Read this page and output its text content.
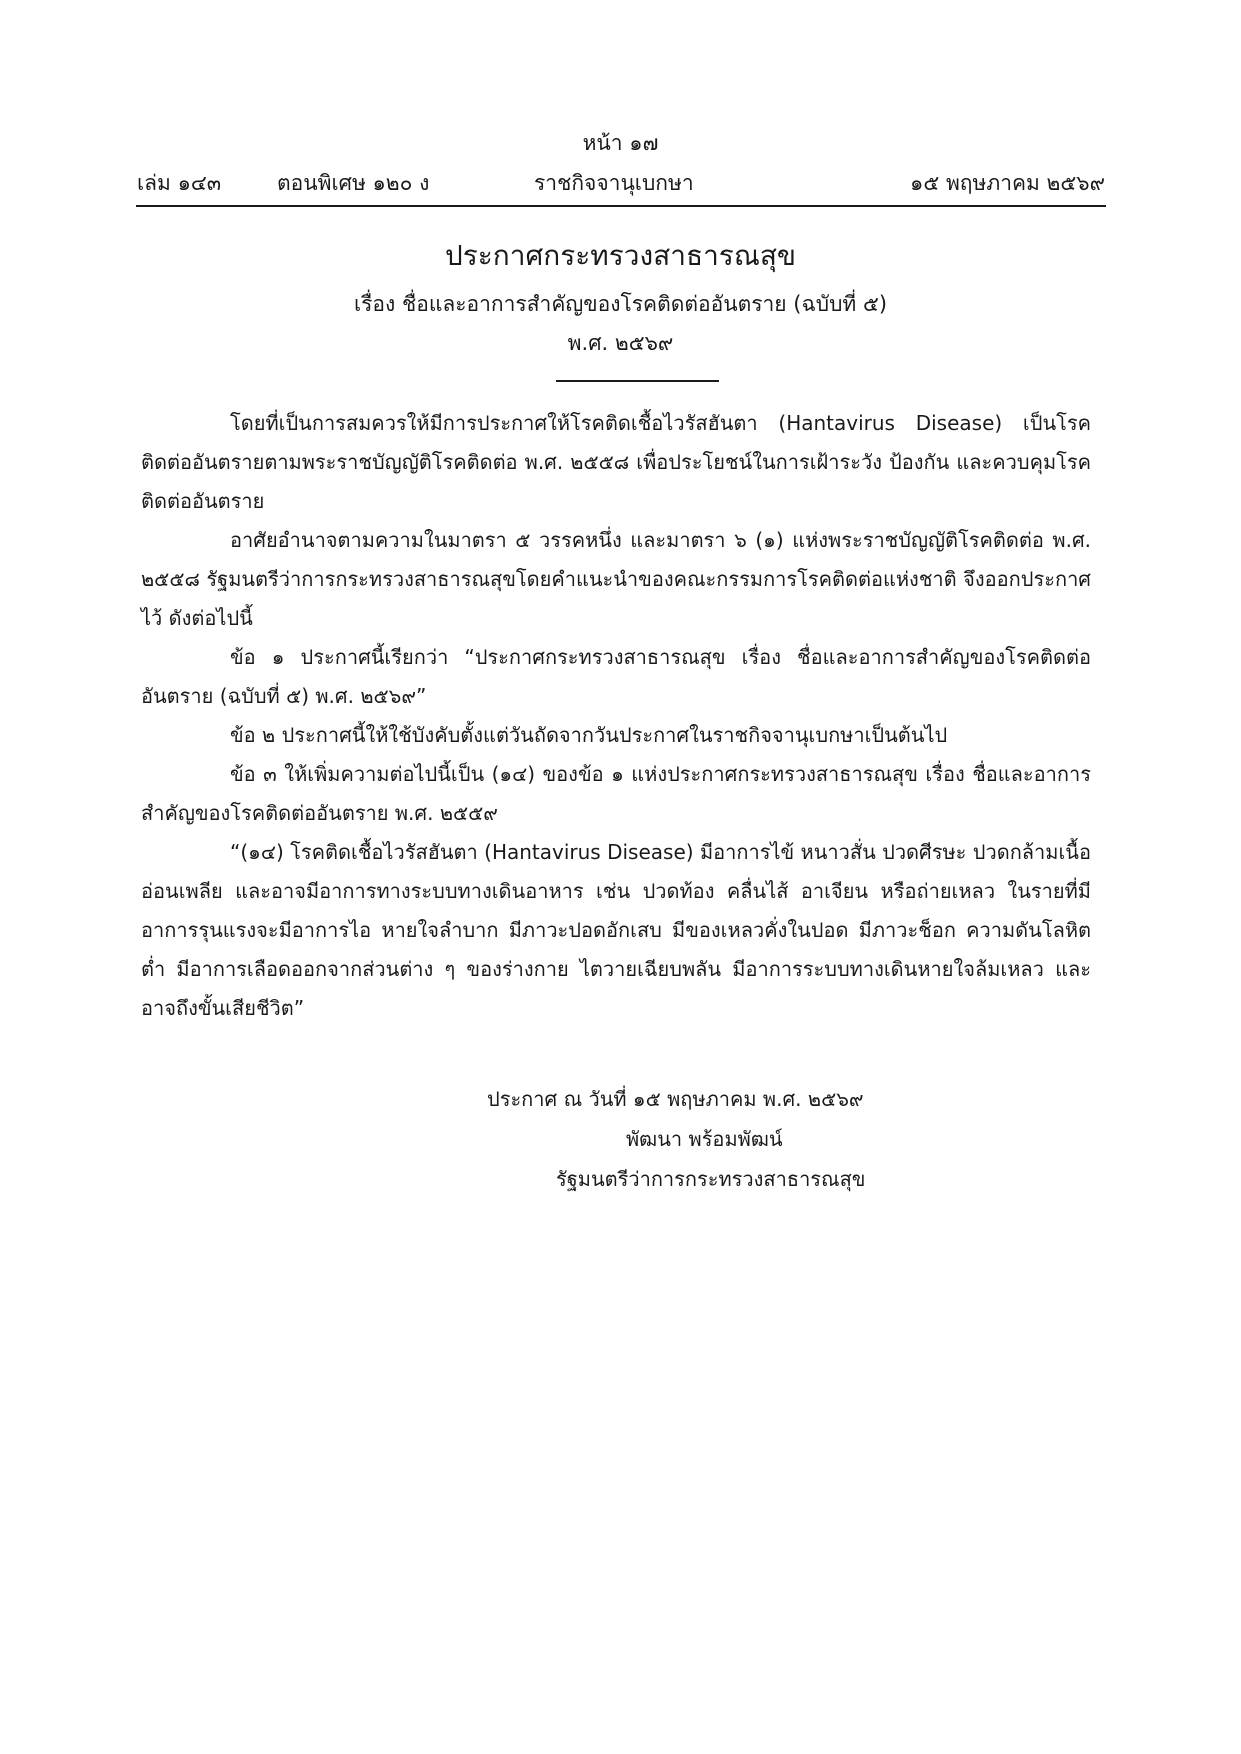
หน้า ๑๗
เล่ม ๑๔๓	ตอนพิเศษ ๑๒๐ ง	ราชกิจจานุเบกษา	๑๕ พฤษภาคม ๒๕๖๙
ประกาศกระทรวงสาธารณสุข
เรื่อง ชื่อและอาการสำคัญของโรคติดต่ออันตราย (ฉบับที่ ๕)
พ.ศ. ๒๕๖๙

โดยที่เป็นการสมควรให้มีการประกาศให้โรคติดเชื้อไวรัสฮันตา (Hantavirus Disease) เป็นโรคติดต่ออันตรายตามพระราชบัญญัติโรคติดต่อ พ.ศ. ๒๕๕๘ เพื่อประโยชน์ในการเฝ้าระวัง ป้องกัน และควบคุมโรคติดต่ออันตราย

อาศัยอำนาจตามความในมาตรา ๕ วรรคหนึ่ง และมาตรา ๖ (๑) แห่งพระราชบัญญัติโรคติดต่อ พ.ศ. ๒๕๕๘ รัฐมนตรีว่าการกระทรวงสาธารณสุขโดยคำแนะนำของคณะกรรมการโรคติดต่อแห่งชาติ จึงออกประกาศไว้ ดังต่อไปนี้

ข้อ ๑ ประกาศนี้เรียกว่า “ประกาศกระทรวงสาธารณสุข เรื่อง ชื่อและอาการสำคัญของโรคติดต่ออันตราย (ฉบับที่ ๕) พ.ศ. ๒๕๖๙”

ข้อ ๒ ประกาศนี้ให้ใช้บังคับตั้งแต่วันถัดจากวันประกาศในราชกิจจานุเบกษาเป็นต้นไป

ข้อ ๓ ให้เพิ่มความต่อไปนี้เป็น (๑๔) ของข้อ ๑ แห่งประกาศกระทรวงสาธารณสุข เรื่อง ชื่อและอาการสำคัญของโรคติดต่ออันตราย พ.ศ. ๒๕๕๙

“(๑๔) โรคติดเชื้อไวรัสฮันตา (Hantavirus Disease) มีอาการไข้ หนาวสั่น ปวดศีรษะ ปวดกล้ามเนื้อ อ่อนเพลีย และอาจมีอาการทางระบบทางเดินอาหาร เช่น ปวดท้อง คลื่นไส้ อาเจียน หรือถ่ายเหลว ในรายที่มีอาการรุนแรงจะมีอาการไอ หายใจลำบาก มีภาวะปอดอักเสบ มีของเหลวคั่งในปอด มีภาวะช็อก ความดันโลหิตต่ำ มีอาการเลือดออกจากส่วนต่าง ๆ ของร่างกาย ไตวายเฉียบพลัน มีอาการระบบทางเดินหายใจล้มเหลว และอาจถึงขั้นเสียชีวิต”

ประกาศ ณ วันที่ ๑๕ พฤษภาคม พ.ศ. ๒๕๖๙
พัฒนา พร้อมพัฒน์
รัฐมนตรีว่าการกระทรวงสาธารณสุข
